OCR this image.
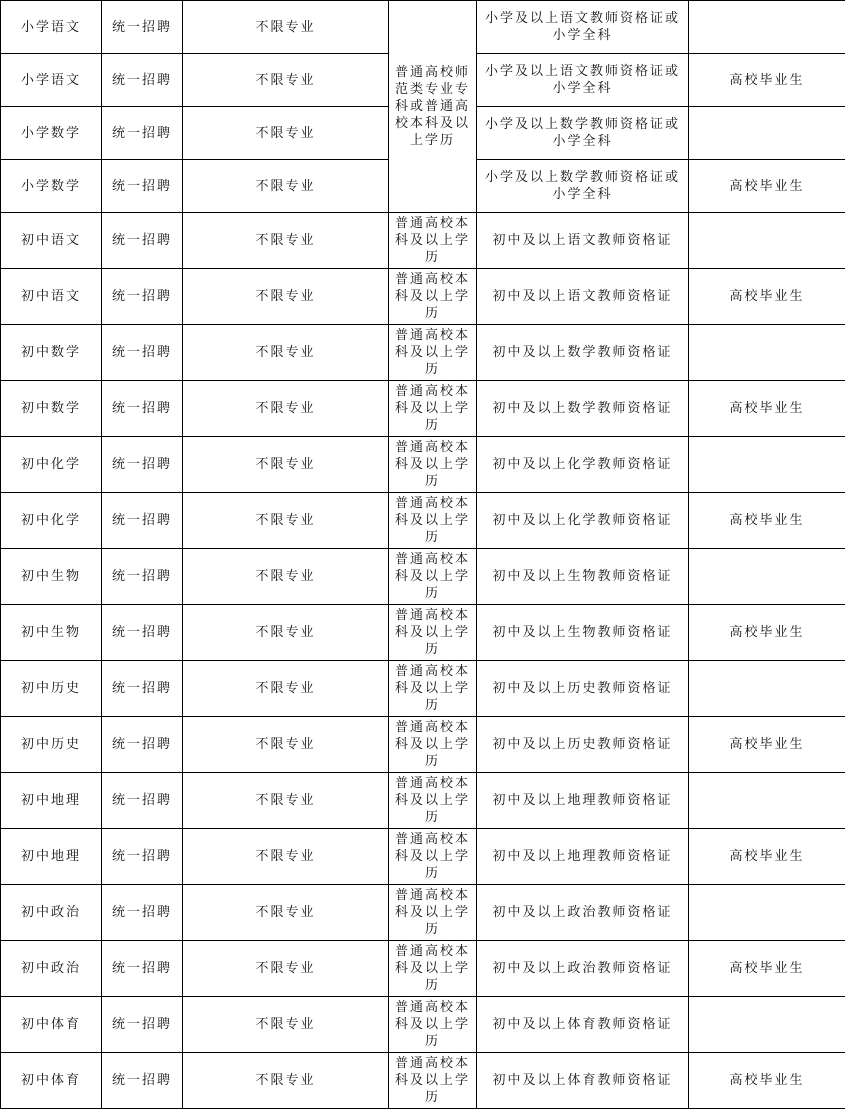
小学语文	统一招聘	不限专业	普通高校师范类专业专科或普通高校本科及以上学历	小学及以上语文教师资格证或小学全科	
小学语文	统一招聘	不限专业		小学及以上语文教师资格证或小学全科	高校毕业生
小学数学	统一招聘	不限专业		小学及以上数学教师资格证或小学全科	
小学数学	统一招聘	不限专业		小学及以上数学教师资格证或小学全科	高校毕业生
初中语文	统一招聘	不限专业	普通高校本科及以上学历	初中及以上语文教师资格证	
初中语文	统一招聘	不限专业	普通高校本科及以上学历	初中及以上语文教师资格证	高校毕业生
初中数学	统一招聘	不限专业	普通高校本科及以上学历	初中及以上数学教师资格证	
初中数学	统一招聘	不限专业	普通高校本科及以上学历	初中及以上数学教师资格证	高校毕业生
初中化学	统一招聘	不限专业	普通高校本科及以上学历	初中及以上化学教师资格证	
初中化学	统一招聘	不限专业	普通高校本科及以上学历	初中及以上化学教师资格证	高校毕业生
初中生物	统一招聘	不限专业	普通高校本科及以上学历	初中及以上生物教师资格证	
初中生物	统一招聘	不限专业	普通高校本科及以上学历	初中及以上生物教师资格证	高校毕业生
初中历史	统一招聘	不限专业	普通高校本科及以上学历	初中及以上历史教师资格证	
初中历史	统一招聘	不限专业	普通高校本科及以上学历	初中及以上历史教师资格证	高校毕业生
初中地理	统一招聘	不限专业	普通高校本科及以上学历	初中及以上地理教师资格证	
初中地理	统一招聘	不限专业	普通高校本科及以上学历	初中及以上地理教师资格证	高校毕业生
初中政治	统一招聘	不限专业	普通高校本科及以上学历	初中及以上政治教师资格证	
初中政治	统一招聘	不限专业	普通高校本科及以上学历	初中及以上政治教师资格证	高校毕业生
初中体育	统一招聘	不限专业	普通高校本科及以上学历	初中及以上体育教师资格证	
初中体育	统一招聘	不限专业	普通高校本科及以上学历	初中及以上体育教师资格证	高校毕业生
